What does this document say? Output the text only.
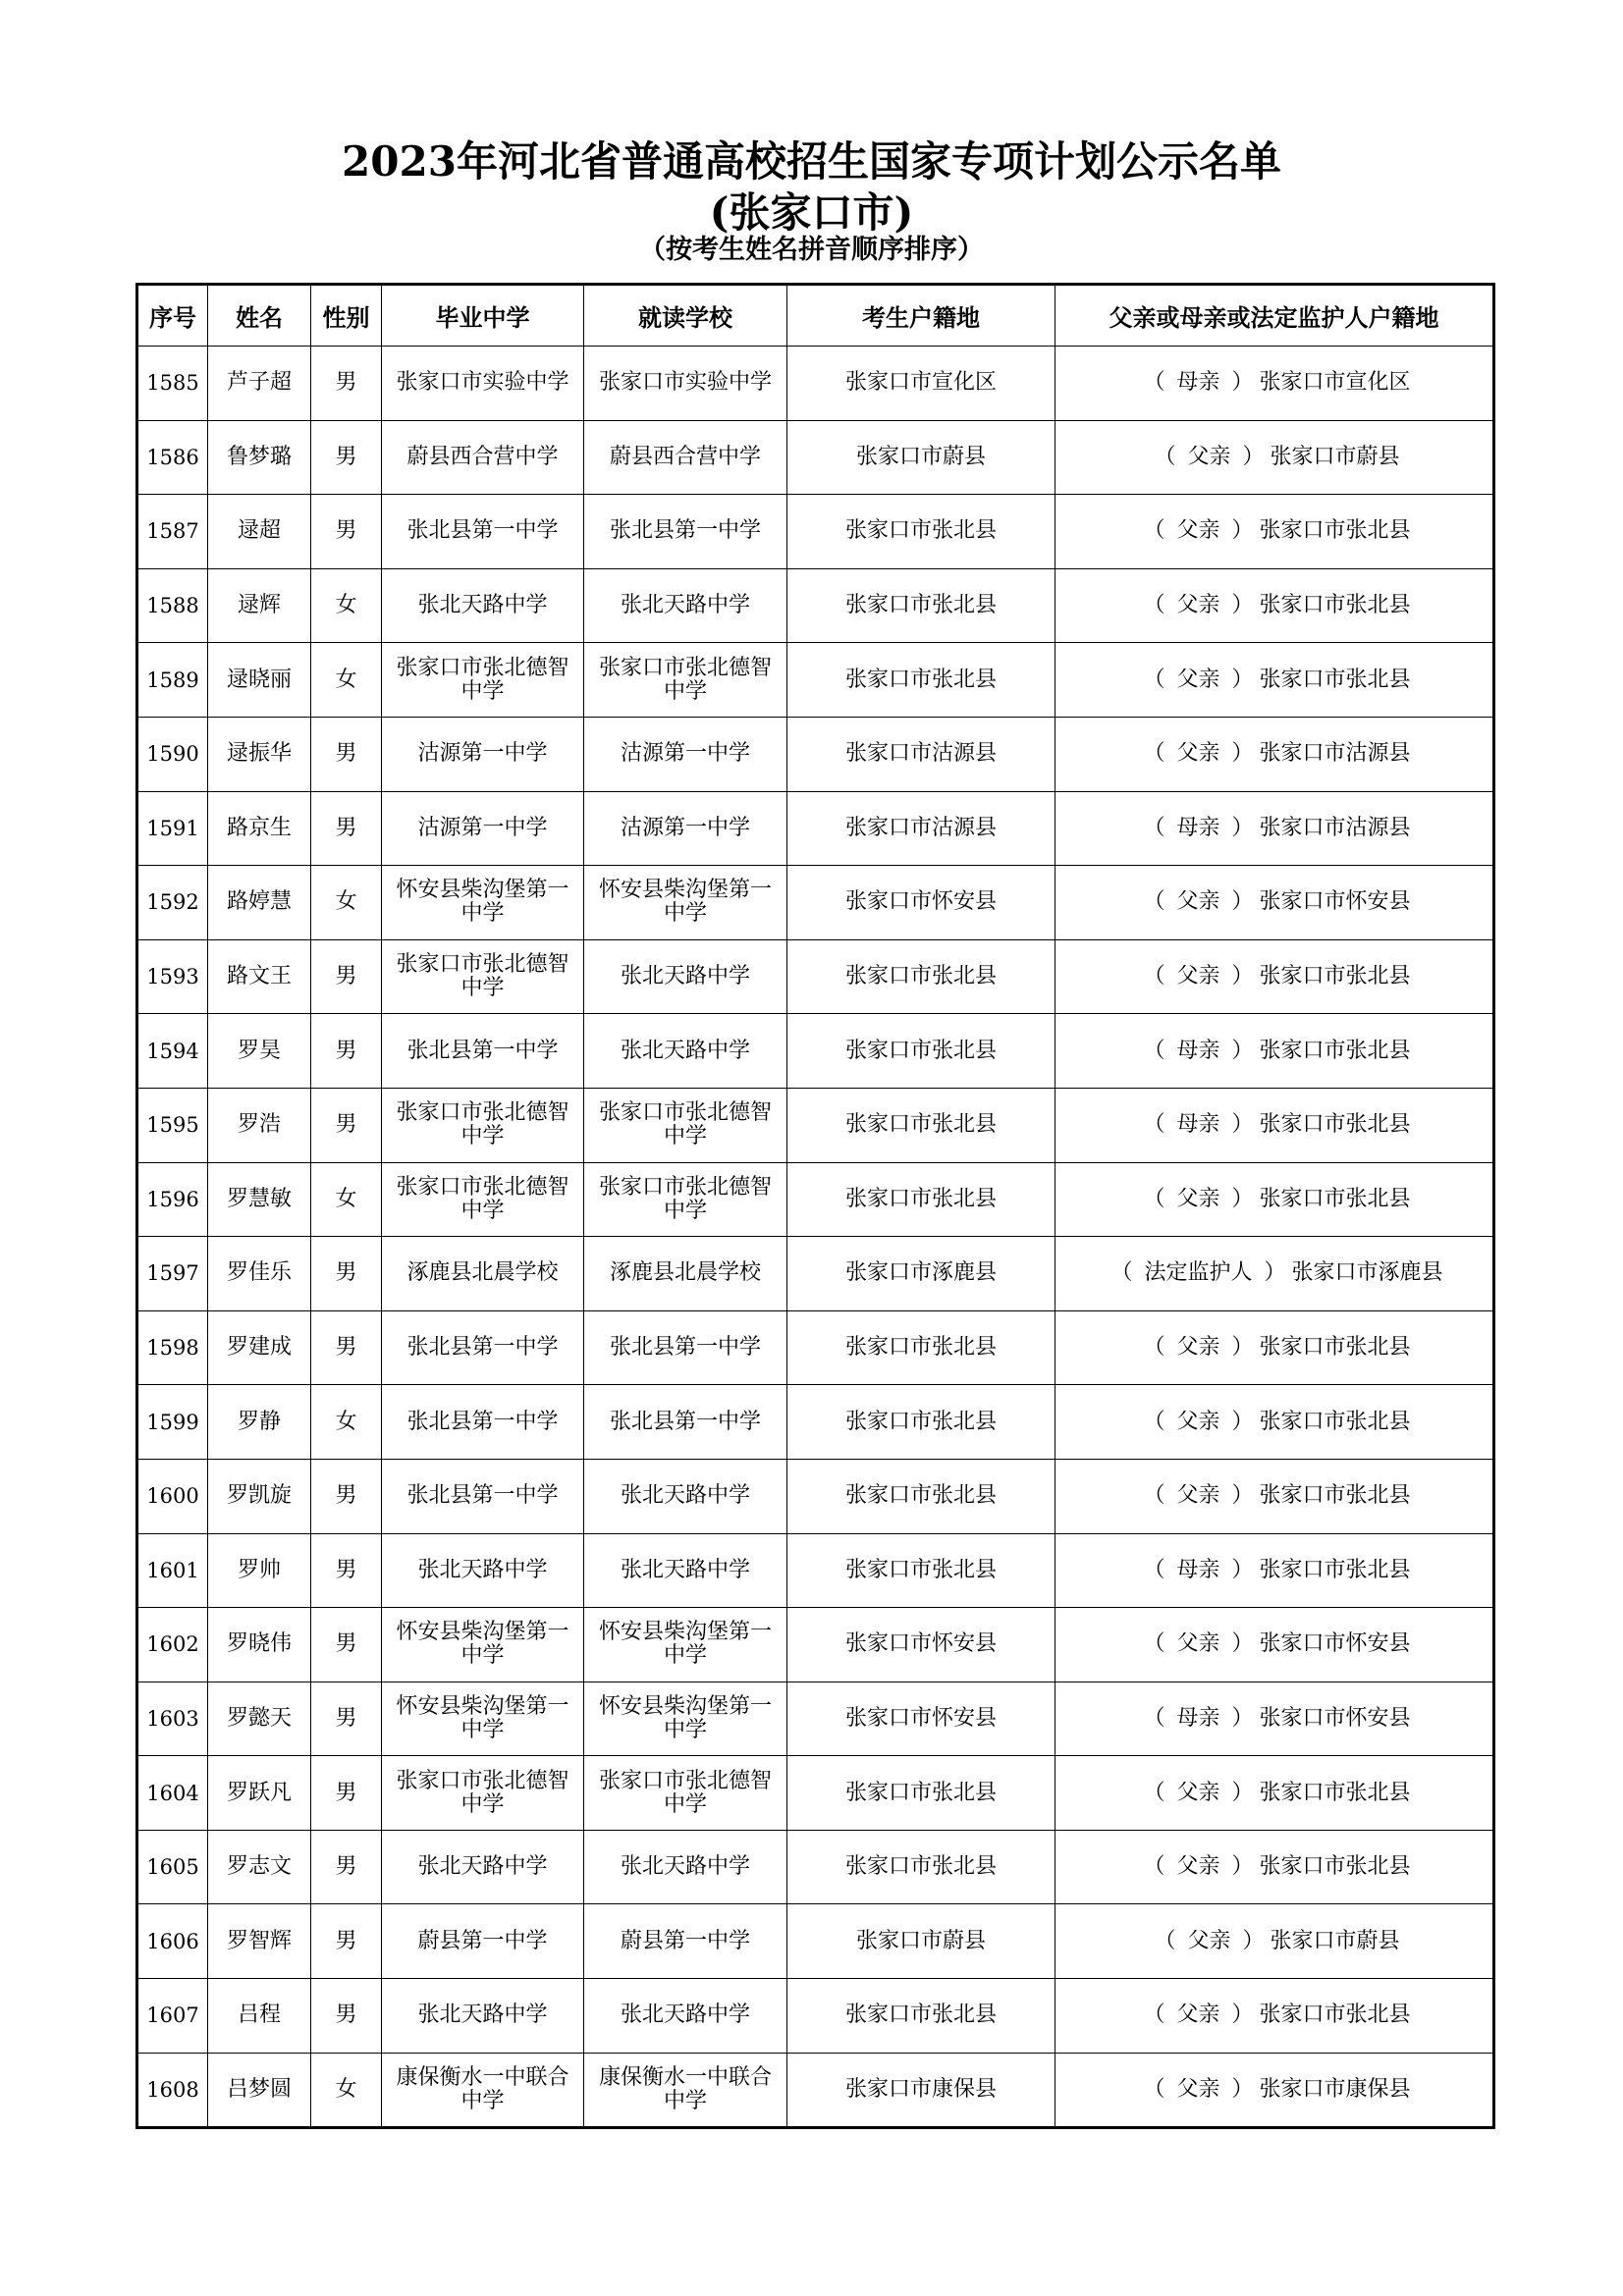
2023年河北省普通高校招生国家专项计划公示名单
(张家口市)
（按考生姓名拼音顺序排序）
序号	姓名	性别	毕业中学	就读学校	考生户籍地	父亲或母亲或法定监护人户籍地
1585	芦子超	男	张家口市实验中学	张家口市实验中学	张家口市宣化区	（ 母亲 ） 张家口市宣化区
1586	鲁梦璐	男	蔚县西合营中学	蔚县西合营中学	张家口市蔚县	（ 父亲 ） 张家口市蔚县
1587	逯超	男	张北县第一中学	张北县第一中学	张家口市张北县	（ 父亲 ） 张家口市张北县
1588	逯辉	女	张北天路中学	张北天路中学	张家口市张北县	（ 父亲 ） 张家口市张北县
1589	逯晓丽	女	张家口市张北德智中学	张家口市张北德智中学	张家口市张北县	（ 父亲 ） 张家口市张北县
1590	逯振华	男	沽源第一中学	沽源第一中学	张家口市沽源县	（ 父亲 ） 张家口市沽源县
1591	路京生	男	沽源第一中学	沽源第一中学	张家口市沽源县	（ 母亲 ） 张家口市沽源县
1592	路婷慧	女	怀安县柴沟堡第一中学	怀安县柴沟堡第一中学	张家口市怀安县	（ 父亲 ） 张家口市怀安县
1593	路文王	男	张家口市张北德智中学	张北天路中学	张家口市张北县	（ 父亲 ） 张家口市张北县
1594	罗昊	男	张北县第一中学	张北天路中学	张家口市张北县	（ 母亲 ） 张家口市张北县
1595	罗浩	男	张家口市张北德智中学	张家口市张北德智中学	张家口市张北县	（ 母亲 ） 张家口市张北县
1596	罗慧敏	女	张家口市张北德智中学	张家口市张北德智中学	张家口市张北县	（ 父亲 ） 张家口市张北县
1597	罗佳乐	男	涿鹿县北晨学校	涿鹿县北晨学校	张家口市涿鹿县	（ 法定监护人 ） 张家口市涿鹿县
1598	罗建成	男	张北县第一中学	张北县第一中学	张家口市张北县	（ 父亲 ） 张家口市张北县
1599	罗静	女	张北县第一中学	张北县第一中学	张家口市张北县	（ 父亲 ） 张家口市张北县
1600	罗凯旋	男	张北县第一中学	张北天路中学	张家口市张北县	（ 父亲 ） 张家口市张北县
1601	罗帅	男	张北天路中学	张北天路中学	张家口市张北县	（ 母亲 ） 张家口市张北县
1602	罗晓伟	男	怀安县柴沟堡第一中学	怀安县柴沟堡第一中学	张家口市怀安县	（ 父亲 ） 张家口市怀安县
1603	罗懿天	男	怀安县柴沟堡第一中学	怀安县柴沟堡第一中学	张家口市怀安县	（ 母亲 ） 张家口市怀安县
1604	罗跃凡	男	张家口市张北德智中学	张家口市张北德智中学	张家口市张北县	（ 父亲 ） 张家口市张北县
1605	罗志文	男	张北天路中学	张北天路中学	张家口市张北县	（ 父亲 ） 张家口市张北县
1606	罗智辉	男	蔚县第一中学	蔚县第一中学	张家口市蔚县	（ 父亲 ） 张家口市蔚县
1607	吕程	男	张北天路中学	张北天路中学	张家口市张北县	（ 父亲 ） 张家口市张北县
1608	吕梦圆	女	康保衡水一中联合中学	康保衡水一中联合中学	张家口市康保县	（ 父亲 ） 张家口市康保县
